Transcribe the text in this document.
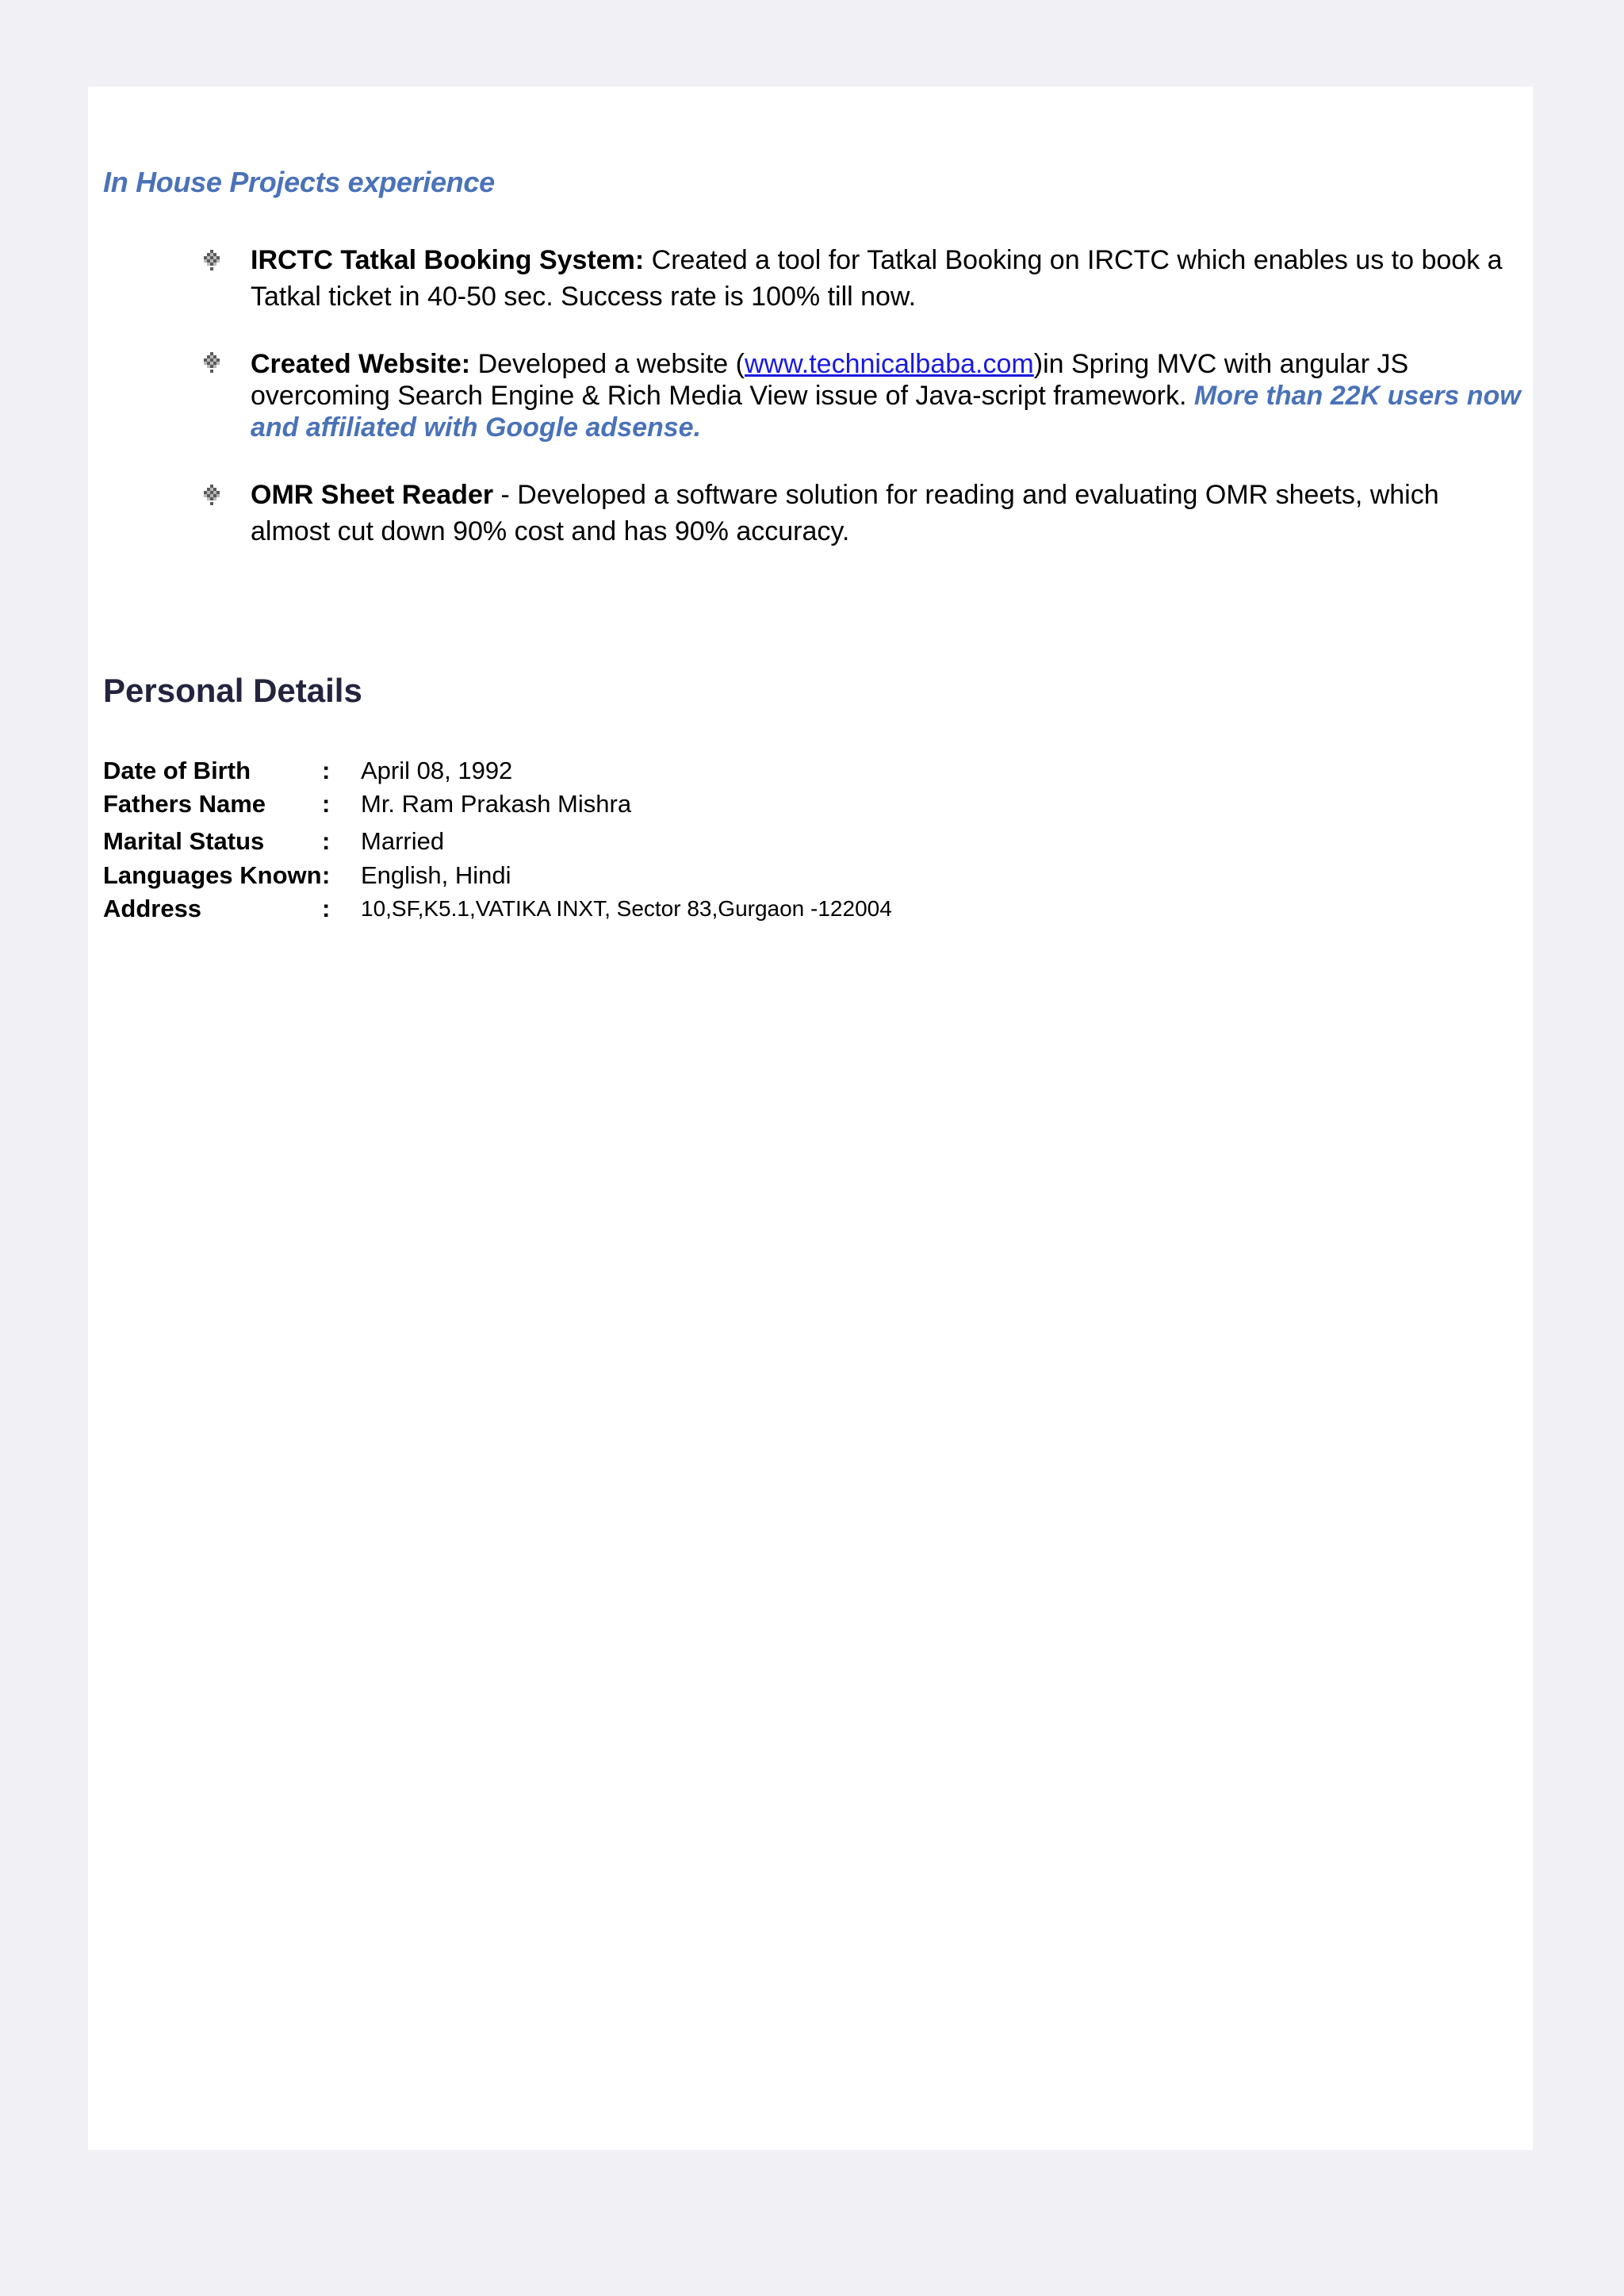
In House Projects experience
IRCTC Tatkal Booking System: Created a tool for Tatkal Booking on IRCTC which enables us to book a Tatkal ticket in 40-50 sec. Success rate is 100% till now.
Created Website: Developed a website (www.technicalbaba.com)in Spring MVC with angular JS overcoming Search Engine & Rich Media View issue of Java-script framework. More than 22K users now and affiliated with Google adsense.
OMR Sheet Reader - Developed a software solution for reading and evaluating OMR sheets, which almost cut down 90% cost and has 90% accuracy.
Personal Details
Date of Birth	: April 08, 1992
Fathers Name : Mr. Ram Prakash Mishra
Marital Status : Married
Languages Known : English, Hindi
Address	: 10,SF,K5.1,VATIKA INXT, Sector 83,Gurgaon -122004
